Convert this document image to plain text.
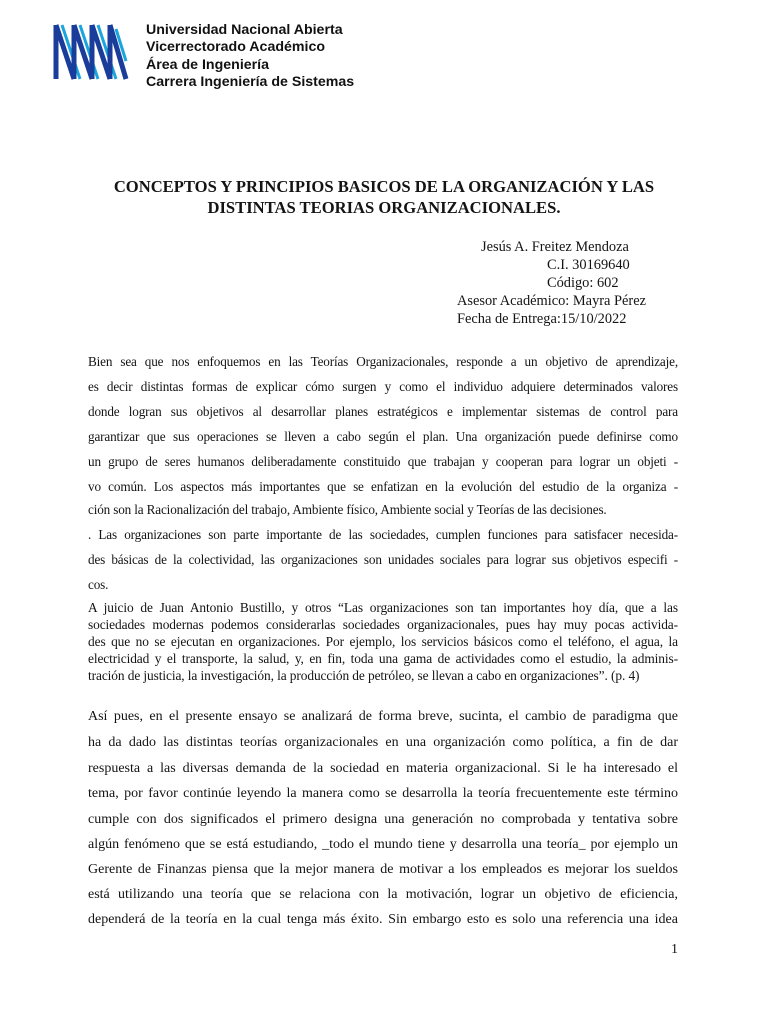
Universidad Nacional Abierta
Vicerrectorado Académico
Área de Ingeniería
Carrera Ingeniería de Sistemas
CONCEPTOS Y PRINCIPIOS BASICOS DE LA ORGANIZACIÓN Y LAS
DISTINTAS TEORIAS ORGANIZACIONALES.
Jesús A. Freitez Mendoza
C.I. 30169640
Código: 602
Asesor Académico: Mayra Pérez
Fecha de Entrega:15/10/2022
Bien sea que nos enfoquemos en las Teorías Organizacionales, responde a un objetivo de aprendizaje,
es decir distintas formas de explicar cómo surgen y como el individuo adquiere determinados valores
donde logran sus objetivos al desarrollar planes estratégicos e implementar sistemas de control para
garantizar que sus operaciones se lleven a cabo según el plan. Una organización puede definirse como
un grupo de seres humanos deliberadamente constituido que trabajan y cooperan para lograr un objeti -
vo común. Los aspectos más importantes que se enfatizan en la evolución del estudio de la organiza -
ción son la Racionalización del trabajo, Ambiente físico, Ambiente social y Teorías de las decisiones.
. Las organizaciones son parte importante de las sociedades, cumplen funciones para satisfacer necesida-
des básicas de la colectividad, las organizaciones son unidades sociales para lograr sus objetivos especifi -
cos.
A juicio de Juan Antonio Bustillo, y otros “Las organizaciones son tan importantes hoy día, que a las
sociedades modernas podemos considerarlas sociedades organizacionales, pues hay muy pocas activida-
des que no se ejecutan en organizaciones. Por ejemplo, los servicios básicos como el teléfono, el agua, la
electricidad y el transporte, la salud, y, en fin, toda una gama de actividades como el estudio, la adminis-
tración de justicia, la investigación, la producción de petróleo, se llevan a cabo en organizaciones”. (p. 4)
Así pues, en el presente ensayo se analizará de forma breve, sucinta, el cambio de paradigma que
ha da dado las distintas teorías organizacionales en una organización como política, a fin de dar
respuesta a las diversas demanda de la sociedad en materia organizacional. Si le ha interesado el
tema, por favor continúe leyendo la manera como se desarrolla la teoría frecuentemente este término
cumple con dos significados el primero designa una generación no comprobada y tentativa sobre
algún fenómeno que se está estudiando, _todo el mundo tiene y desarrolla una teoría_ por ejemplo un
Gerente de Finanzas piensa que la mejor manera de motivar a los empleados es mejorar los sueldos
está utilizando una teoría que se relaciona con la motivación, lograr un objetivo de eficiencia,
dependerá de la teoría en la cual tenga más éxito. Sin embargo esto es solo una referencia una idea
1
